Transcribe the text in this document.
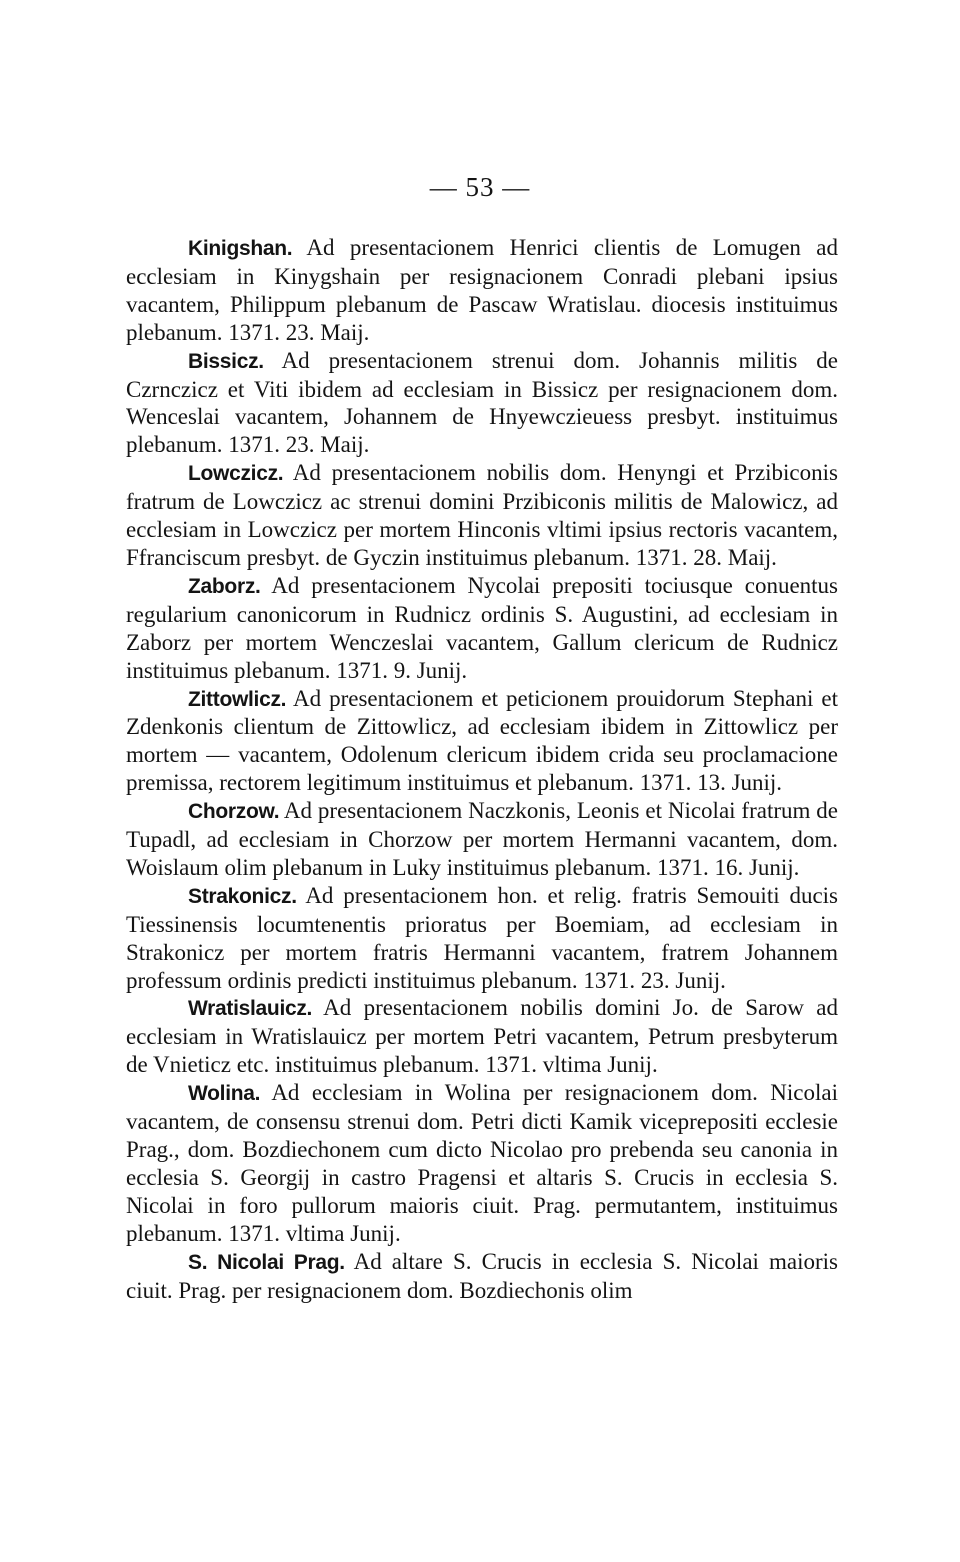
— 53 —

Kinigshan. Ad presentacionem Henrici clientis de Lomugen ad ecclesiam in Kinygshain per resignacionem Conradi plebani ipsius vacantem, Philippum plebanum de Pascaw Wratislau. diocesis instituimus plebanum. 1371. 23. Maij.

Bissicz. Ad presentacionem strenui dom. Johannis militis de Czrnczicz et Viti ibidem ad ecclesiam in Bissicz per resignacionem dom. Wenceslai vacantem, Johannem de Hnyewczieuess presbyt. instituimus plebanum. 1371. 23. Maij.

Lowczicz. Ad presentacionem nobilis dom. Henyngi et Przibiconis fratrum de Lowczicz ac strenui domini Przibiconis militis de Malowicz, ad ecclesiam in Lowczicz per mortem Hinconis vltimi ipsius rectoris vacantem, Ffranciscum presbyt. de Gyczin instituimus plebanum. 1371. 28. Maij.

Zaborz. Ad presentacionem Nycolai prepositi tociusque conuentus regularium canonicorum in Rudnicz ordinis S. Augustini, ad ecclesiam in Zaborz per mortem Wenczeslai vacantem, Gallum clericum de Rudnicz instituimus plebanum. 1371. 9. Junij.

Zittowlicz. Ad presentacionem et peticionem prouidorum Stephani et Zdenkonis clientum de Zittowlicz, ad ecclesiam ibidem in Zittowlicz per mortem — vacantem, Odolenum clericum ibidem crida seu proclamacione premissa, rectorem legitimum instituimus et plebanum. 1371. 13. Junij.

Chorzow. Ad presentacionem Naczkonis, Leonis et Nicolai fratrum de Tupadl, ad ecclesiam in Chorzow per mortem Hermanni vacantem, dom. Woislaum olim plebanum in Luky instituimus plebanum. 1371. 16. Junij.

Strakonicz. Ad presentacionem hon. et relig. fratris Semouiti ducis Tiessinensis locumtenentis prioratus per Boemiam, ad ecclesiam in Strakonicz per mortem fratris Hermanni vacantem, fratrem Johannem professum ordinis predicti instituimus plebanum. 1371. 23. Junij.

Wratislauicz. Ad presentacionem nobilis domini Jo. de Sarow ad ecclesiam in Wratislauicz per mortem Petri vacantem, Petrum presbyterum de Vnieticz etc. instituimus plebanum. 1371. vltima Junij.

Wolina. Ad ecclesiam in Wolina per resignacionem dom. Nicolai vacantem, de consensu strenui dom. Petri dicti Kamik viceprepositi ecclesie Prag., dom. Bozdiechonem cum dicto Nicolao pro prebenda seu canonia in ecclesia S. Georgij in castro Pragensi et altaris S. Crucis in ecclesia S. Nicolai in foro pullorum maioris ciuit. Prag. permutantem, instituimus plebanum. 1371. vltima Junij.

S. Nicolai Prag. Ad altare S. Crucis in ecclesia S. Nicolai maioris ciuit. Prag. per resignacionem dom. Bozdiechonis olim
